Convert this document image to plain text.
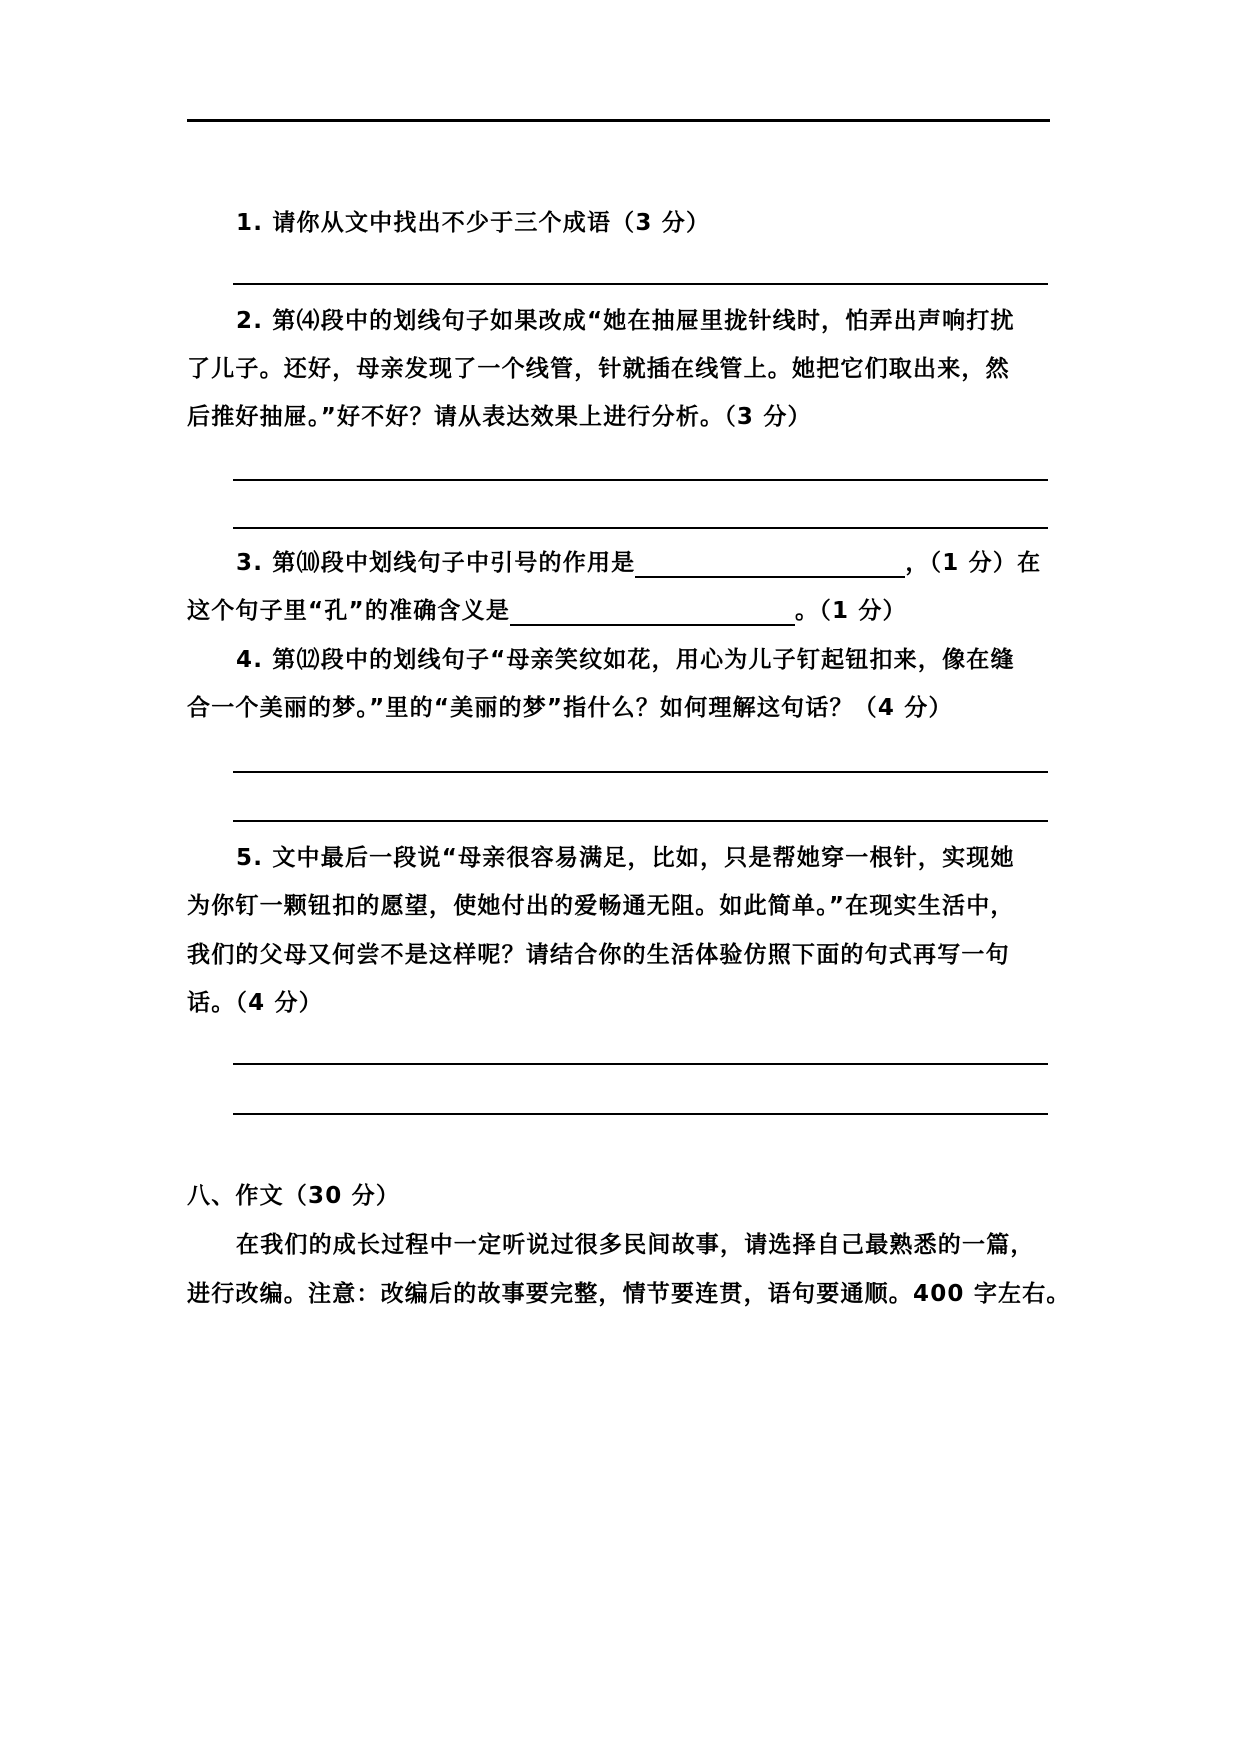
1. 请你从文中找出不少于三个成语（3 分）
2. 第⑷段中的划线句子如果改成“她在抽屉里拢针线时，怕弄出声响打扰
了儿子。还好，母亲发现了一个线管，针就插在线管上。她把它们取出来，然
后推好抽屉。”好不好？请从表达效果上进行分析。（3 分）
3. 第⑽段中划线句子中引号的作用是	，（1 分）在
这个句子里“孔”的准确含义是	。（1 分）
4. 第⑿段中的划线句子“母亲笑纹如花，用心为儿子钉起钮扣来，像在缝
合一个美丽的梦。”里的“美丽的梦”指什么？如何理解这句话？（4 分）
5. 文中最后一段说“母亲很容易满足，比如，只是帮她穿一根针，实现她
为你钉一颗钮扣的愿望，使她付出的爱畅通无阻。如此简单。”在现实生活中，
我们的父母又何尝不是这样呢？请结合你的生活体验仿照下面的句式再写一句
话。（4 分）
八、作文（30 分）
在我们的成长过程中一定听说过很多民间故事，请选择自己最熟悉的一篇，
进行改编。注意：改编后的故事要完整，情节要连贯，语句要通顺。400 字左右。
